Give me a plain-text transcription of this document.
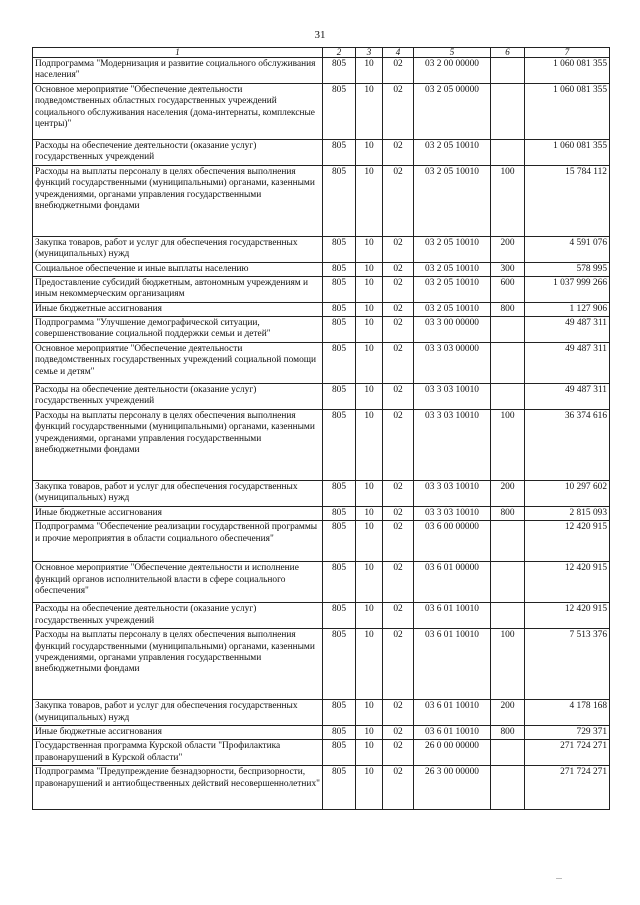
31
1	2	3	4	5	6	7
Подпрограмма "Модернизация и развитие социального обслуживания населения"	805	10	02	03 2 00 00000		1 060 081 355
Основное мероприятие "Обеспечение деятельности подведомственных областных государственных учреждений социального обслуживания населения (дома-интернаты, комплексные центры)"	805	10	02	03 2 05 00000		1 060 081 355
Расходы на обеспечение деятельности (оказание услуг) государственных учреждений	805	10	02	03 2 05 10010		1 060 081 355
Расходы на выплаты персоналу в целях обеспечения выполнения функций государственными (муниципальными) органами, казенными учреждениями, органами управления государственными внебюджетными фондами	805	10	02	03 2 05 10010	100	15 784 112
Закупка товаров, работ и услуг для обеспечения государственных (муниципальных) нужд	805	10	02	03 2 05 10010	200	4 591 076
Социальное обеспечение и иные выплаты населению	805	10	02	03 2 05 10010	300	578 995
Предоставление субсидий бюджетным, автономным учреждениям и иным некоммерческим организациям	805	10	02	03 2 05 10010	600	1 037 999 266
Иные бюджетные ассигнования	805	10	02	03 2 05 10010	800	1 127 906
Подпрограмма "Улучшение демографической ситуации, совершенствование социальной поддержки семьи и детей"	805	10	02	03 3 00 00000		49 487 311
Основное мероприятие "Обеспечение деятельности подведомственных государственных учреждений социальной помощи семье и детям"	805	10	02	03 3 03 00000		49 487 311
Расходы на обеспечение деятельности (оказание услуг) государственных учреждений	805	10	02	03 3 03 10010		49 487 311
Расходы на выплаты персоналу в целях обеспечения выполнения функций государственными (муниципальными) органами, казенными учреждениями, органами управления государственными внебюджетными фондами	805	10	02	03 3 03 10010	100	36 374 616
Закупка товаров, работ и услуг для обеспечения государственных (муниципальных) нужд	805	10	02	03 3 03 10010	200	10 297 602
Иные бюджетные ассигнования	805	10	02	03 3 03 10010	800	2 815 093
Подпрограмма "Обеспечение реализации государственной программы и прочие мероприятия в области социального обеспечения"	805	10	02	03 6 00 00000		12 420 915
Основное мероприятие "Обеспечение деятельности и исполнение функций органов исполнительной власти в сфере социального обеспечения"	805	10	02	03 6 01 00000		12 420 915
Расходы на обеспечение деятельности (оказание услуг) государственных учреждений	805	10	02	03 6 01 10010		12 420 915
Расходы на выплаты персоналу в целях обеспечения выполнения функций государственными (муниципальными) органами, казенными учреждениями, органами управления государственными внебюджетными фондами	805	10	02	03 6 01 10010	100	7 513 376
Закупка товаров, работ и услуг для обеспечения государственных (муниципальных) нужд	805	10	02	03 6 01 10010	200	4 178 168
Иные бюджетные ассигнования	805	10	02	03 6 01 10010	800	729 371
Государственная программа Курской области "Профилактика правонарушений в Курской области"	805	10	02	26 0 00 00000		271 724 271
Подпрограмма "Предупреждение безнадзорности, беспризорности, правонарушений и антиобщественных действий несовершеннолетних"	805	10	02	26 3 00 00000		271 724 271
